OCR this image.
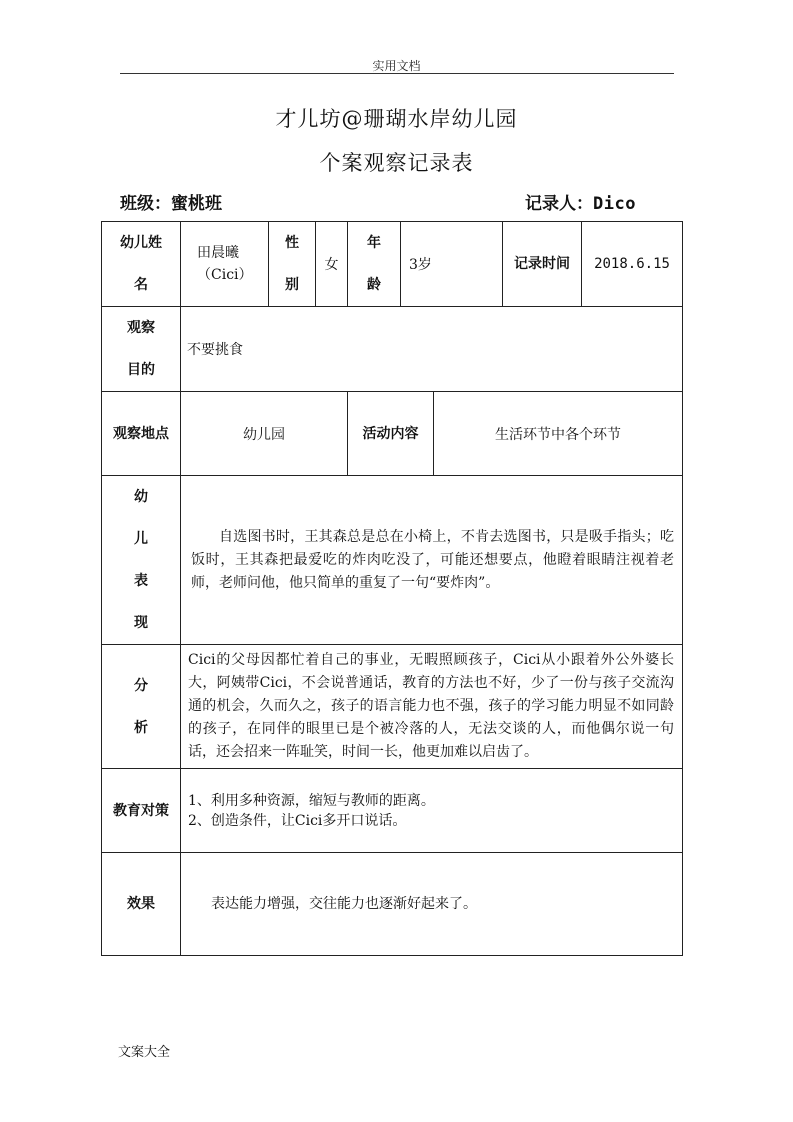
实用文档
才儿坊@珊瑚水岸幼儿园
个案观察记录表
班级：蜜桃班	记录人：Dico
幼儿姓名	田晨曦（Cici）	性别	女	年龄	3岁		记录时间	2018.6.15

观察目的	不要挑食							

观察地点	幼儿园			活动内容		生活环节中各个环节		

幼儿表现	自选图书时，王其森总是总在小椅上，不肯去选图书，只是吸手指头；吃饭时，王其森把最爱吃的炸肉吃没了，可能还想要点，他瞪着眼睛注视着老师，老师问他，他只简单的重复了一句“要炸肉”。							

分析	Cici的父母因都忙着自己的事业，无暇照顾孩子，Cici从小跟着外公外婆长大，阿姨带Cici，不会说普通话，教育的方法也不好，少了一份与孩子交流沟通的机会，久而久之，孩子的语言能力也不强，孩子的学习能力明显不如同龄的孩子，在同伴的眼里已是个被冷落的人，无法交谈的人，而他偶尔说一句话，还会招来一阵耻笑，时间一长，他更加难以启齿了。							

教育对策	1、利用多种资源，缩短与教师的距离。
2、创造条件，让Cici多开口说话。							

效果	表达能力增强，交往能力也逐渐好起来了。							
文案大全
